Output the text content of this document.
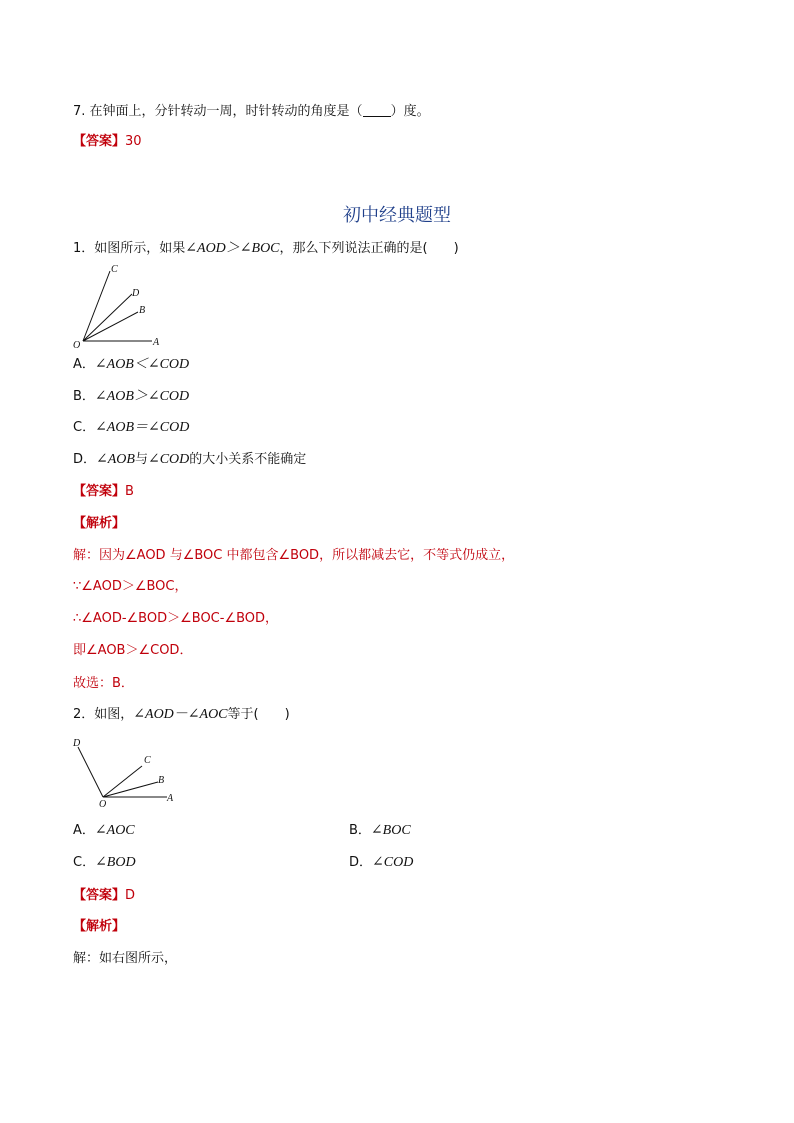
7. 在钟面上，分针转动一周，时针转动的角度是（ ）度。
【答案】30
初中经典题型
1．如图所示，如果∠AOD＞∠BOC，那么下列说法正确的是(　　)
C
D
B
O	A
A．∠AOB＜∠COD
B．∠AOB＞∠COD
C．∠AOB＝∠COD
D．∠AOB与∠COD的大小关系不能确定
【答案】B
【解析】
解：因为∠AOD 与∠BOC 中都包含∠BOD，所以都减去它，不等式仍成立，
∵∠AOD＞∠BOC，
∴∠AOD-∠BOD＞∠BOC-∠BOD，
即∠AOB＞∠COD．
故选：B．
2．如图，∠AOD－∠AOC等于(　　)
D
C
B
O
A
A．∠AOC	B．∠BOC
C．∠BOD	D．∠COD
【答案】D
【解析】
解：如右图所示，
